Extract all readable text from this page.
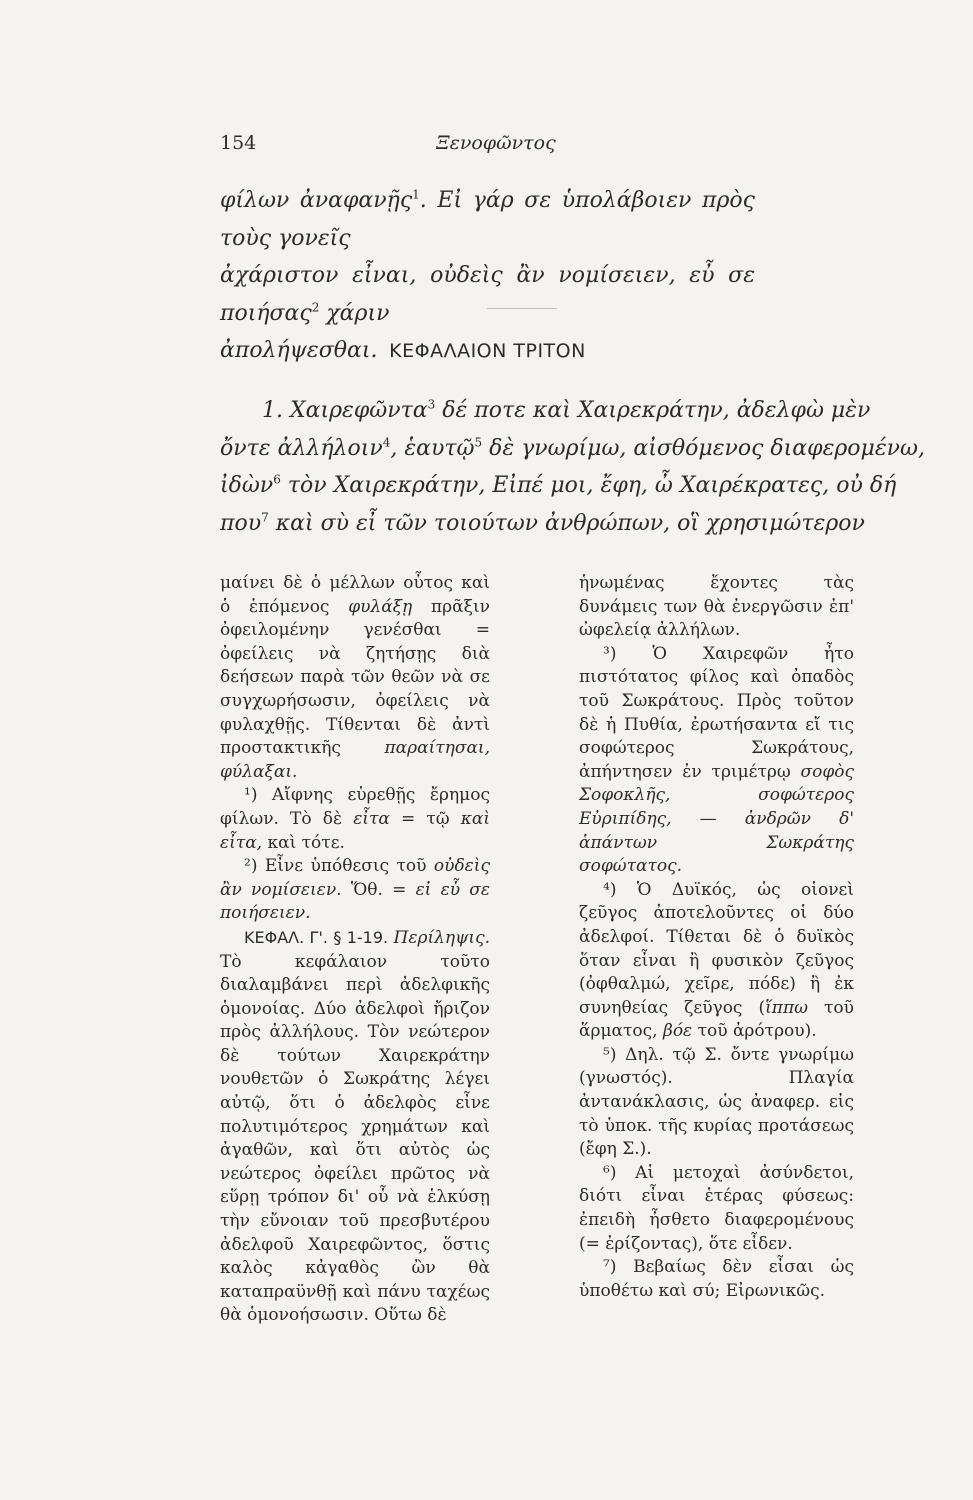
154	Ξενοφῶντος

φίλων ἀναφανῇς$^1$. Εἰ γάρ σε ὑπολάβοιεν πρὸς τοὺς γονεῖς

ἀχάριστον εἶναι, οὐδεὶς ἂν νομίσειεν, εὖ σε ποιήσας$^2$ χάριν

ἀπολήψεσθαι. ΚΕΦΑΛΑΙΟΝ ΤΡΙΤΟΝ
1. Χαιρεφῶντα$^3$ δέ ποτε καὶ Χαιρεκράτην, ἀδελφὼ μὲν
ὄντε ἀλλήλοιν$^4$, ἑαυτῷ$^5$ δὲ γνωρίμω, αἰσθόμενος διαφερομένω,
ἰδὼν$^6$ τὸν Χαιρεκράτην, Εἰπέ μοι, ἔφη, ὦ Χαιρέκρατες, οὐ δή
που$^7$ καὶ σὺ εἶ τῶν τοιούτων ἀνθρώπων, οἳ χρησιμώτερον

μαίνει δὲ ὁ μέλλων οὗτος καὶ ὁ ἑπόμενος φυλάξῃ πρᾶξιν ὀφειλομένην γενέσθαι = ὀφείλεις νὰ ζητήσῃς διὰ δεήσεων παρὰ τῶν θεῶν νὰ σε συγχωρήσωσιν, ὀφείλεις νὰ φυλαχθῇς. Τίθενται δὲ ἀντὶ προστακτικῆς παραίτησαι, φύλαξαι.

¹) Αἴφνης εὑρεθῇς ἔρημος φίλων. Τὸ δὲ εἶτα = τῷ καὶ εἶτα, καὶ τότε.

²) Εἶνε ὑπόθεσις τοῦ οὐδεὶς ἂν νομίσειεν. Ὅθ. = εἰ εὖ σε ποιήσειεν.

ΚΕΦΑΛ. Γ'. § 1-19. Περίληψις. Τὸ κεφάλαιον τοῦτο διαλαμβάνει περὶ ἀδελφικῆς ὁμονοίας. Δύο ἀδελφοὶ ἤριζον πρὸς ἀλλήλους. Τὸν νεώτερον δὲ τούτων Χαιρεκράτην νουθετῶν ὁ Σωκράτης λέγει αὐτῷ, ὅτι ὁ ἀδελφὸς εἶνε πολυτιμότερος χρημάτων καὶ ἀγαθῶν, καὶ ὅτι αὐτὸς ὡς νεώτερος ὀφείλει πρῶτος νὰ εὕρῃ τρόπον δι' οὗ νὰ ἑλκύσῃ τὴν εὔνοιαν τοῦ πρεσβυτέρου ἀδελφοῦ Χαιρεφῶντος, ὅστις καλὸς κἀγαθὸς ὢν θὰ καταπραϋνθῇ καὶ πάνυ ταχέως θὰ ὁμονοήσωσιν. Οὕτω δὲ

ἡνωμένας ἔχοντες τὰς δυνάμεις των θὰ ἐνεργῶσιν ἐπ' ὠφελείᾳ ἀλλήλων.

³) Ὁ Χαιρεφῶν ἦτο πιστότατος φίλος καὶ ὀπαδὸς τοῦ Σωκράτους. Πρὸς τοῦτον δὲ ἡ Πυθία, ἐρωτήσαντα εἴ τις σοφώτερος Σωκράτους, ἀπήντησεν ἐν τριμέτρῳ σοφὸς Σοφοκλῆς, σοφώτερος Εὐριπίδης, — ἀνδρῶν δ' ἁπάντων Σωκράτης σοφώτατος.

⁴) Ὁ Δυϊκός, ὡς οἱονεὶ ζεῦγος ἀποτελοῦντες οἱ δύο ἀδελφοί. Τίθεται δὲ ὁ δυϊκὸς ὅταν εἶναι ἢ φυσικὸν ζεῦγος (ὀφθαλμώ, χεῖρε, πόδε) ἢ ἐκ συνηθείας ζεῦγος (ἵππω τοῦ ἅρματος, βόε τοῦ ἀρότρου).

⁵) Δηλ. τῷ Σ. ὄντε γνωρίμω (γνωστός). Πλαγία ἀντανάκλασις, ὡς ἀναφερ. εἰς τὸ ὑποκ. τῆς κυρίας προτάσεως (ἔφη Σ.).

⁶) Αἱ μετοχαὶ ἀσύνδετοι, διότι εἶναι ἑτέρας φύσεως: ἐπειδὴ ἦσθετο διαφερομένους (= ἐρίζοντας), ὅτε εἶδεν.

⁷) Βεβαίως δὲν εἶσαι ὡς ὑποθέτω καὶ σύ; Εἰρωνικῶς.
